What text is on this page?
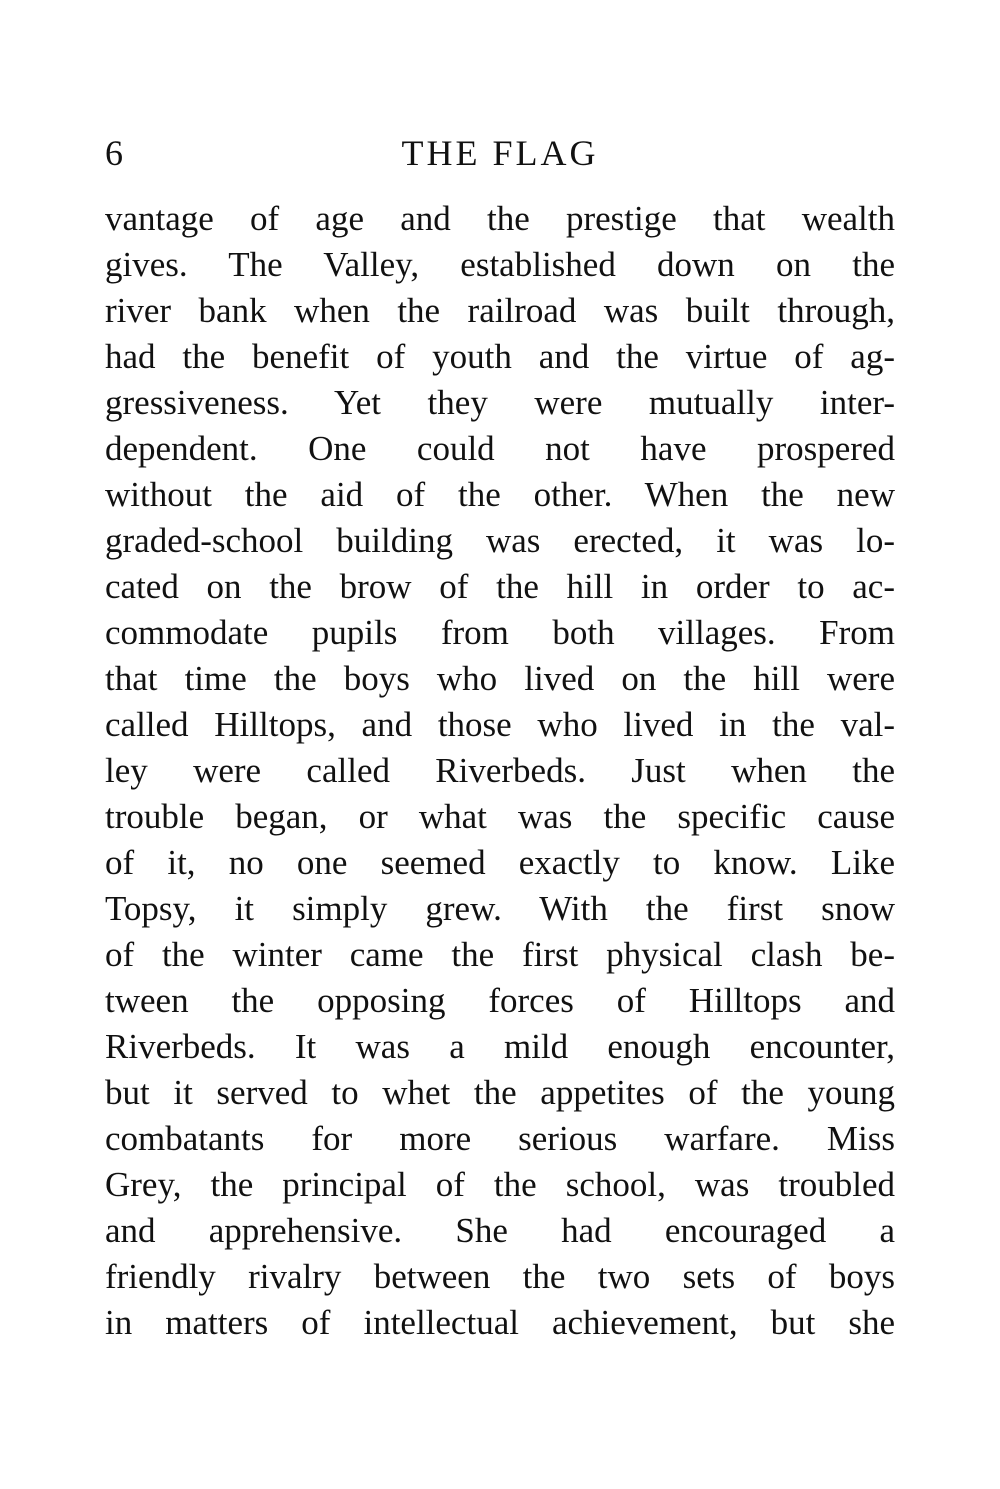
6	THE FLAG
vantage of age and the prestige that wealth
gives. The Valley, established down on the
river bank when the railroad was built through,
had the benefit of youth and the virtue of ag-
gressiveness. Yet they were mutually inter-
dependent. One could not have prospered
without the aid of the other. When the new
graded-school building was erected, it was lo-
cated on the brow of the hill in order to ac-
commodate pupils from both villages. From
that time the boys who lived on the hill were
called Hilltops, and those who lived in the val-
ley were called Riverbeds. Just when the
trouble began, or what was the specific cause
of it, no one seemed exactly to know. Like
Topsy, it simply grew. With the first snow
of the winter came the first physical clash be-
tween the opposing forces of Hilltops and
Riverbeds. It was a mild enough encounter,
but it served to whet the appetites of the young
combatants for more serious warfare. Miss
Grey, the principal of the school, was troubled
and apprehensive. She had encouraged a
friendly rivalry between the two sets of boys
in matters of intellectual achievement, but she
